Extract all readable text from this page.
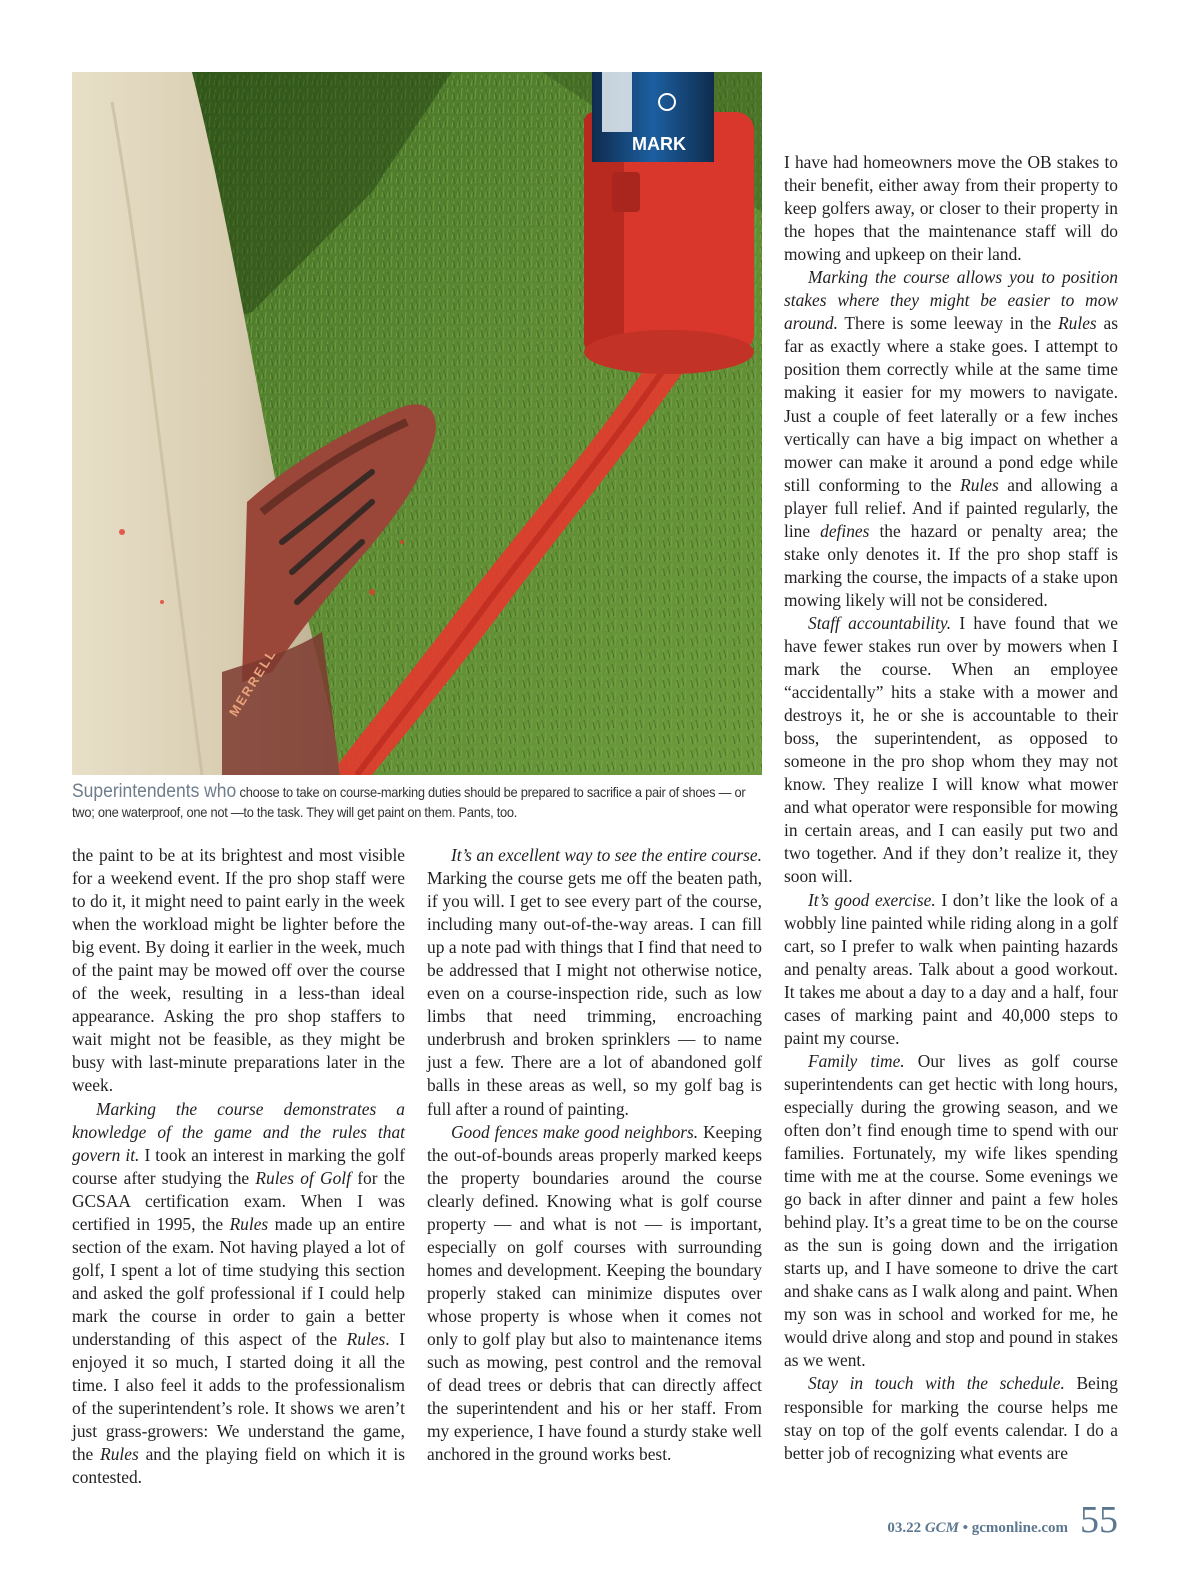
MARK
MERRELL
Superintendents who choose to take on course-marking duties should be prepared to sacrifice a pair of shoes — or two; one waterproof, one not —to the task. They will get paint on them. Pants, too.

the paint to be at its brightest and most visible for a weekend event. If the pro shop staff were to do it, it might need to paint early in the week when the workload might be lighter before the big event. By doing it earlier in the week, much of the paint may be mowed off over the course of the week, resulting in a less-than ideal appearance. Asking the pro shop staffers to wait might not be feasible, as they might be busy with last-minute preparations later in the week.

Marking the course demonstrates a knowledge of the game and the rules that govern it. I took an interest in marking the golf course after studying the Rules of Golf for the GCSAA certification exam. When I was certified in 1995, the Rules made up an entire section of the exam. Not having played a lot of golf, I spent a lot of time studying this section and asked the golf professional if I could help mark the course in order to gain a better understanding of this aspect of the Rules. I enjoyed it so much, I started doing it all the time. I also feel it adds to the professionalism of the superintendent’s role. It shows we aren’t just grass-growers: We understand the game, the Rules and the playing field on which it is contested.

It’s an excellent way to see the entire course. Marking the course gets me off the beaten path, if you will. I get to see every part of the course, including many out-of-the-way areas. I can fill up a note pad with things that I find that need to be addressed that I might not otherwise notice, even on a course-inspection ride, such as low limbs that need trimming, encroaching underbrush and broken sprinklers — to name just a few. There are a lot of abandoned golf balls in these areas as well, so my golf bag is full after a round of painting.

Good fences make good neighbors. Keeping the out-of-bounds areas properly marked keeps the property boundaries around the course clearly defined. Knowing what is golf course property — and what is not — is important, especially on golf courses with surrounding homes and development. Keeping the boundary properly staked can minimize disputes over whose property is whose when it comes not only to golf play but also to maintenance items such as mowing, pest control and the removal of dead trees or debris that can directly affect the superintendent and his or her staff. From my experience, I have found a sturdy stake well anchored in the ground works best.

I have had homeowners move the OB stakes to their benefit, either away from their property to keep golfers away, or closer to their property in the hopes that the maintenance staff will do mowing and upkeep on their land.

Marking the course allows you to position stakes where they might be easier to mow around. There is some leeway in the Rules as far as exactly where a stake goes. I attempt to position them correctly while at the same time making it easier for my mowers to navigate. Just a couple of feet laterally or a few inches vertically can have a big impact on whether a mower can make it around a pond edge while still conforming to the Rules and allowing a player full relief. And if painted regularly, the line defines the hazard or penalty area; the stake only denotes it. If the pro shop staff is marking the course, the impacts of a stake upon mowing likely will not be considered.

Staff accountability. I have found that we have fewer stakes run over by mowers when I mark the course. When an employee “accidentally” hits a stake with a mower and destroys it, he or she is accountable to their boss, the superintendent, as opposed to someone in the pro shop whom they may not know. They realize I will know what mower and what operator were responsible for mowing in certain areas, and I can easily put two and two together. And if they don’t realize it, they soon will.

It’s good exercise. I don’t like the look of a wobbly line painted while riding along in a golf cart, so I prefer to walk when painting hazards and penalty areas. Talk about a good workout. It takes me about a day to a day and a half, four cases of marking paint and 40,000 steps to paint my course.

Family time. Our lives as golf course superintendents can get hectic with long hours, especially during the growing season, and we often don’t find enough time to spend with our families. Fortunately, my wife likes spending time with me at the course. Some evenings we go back in after dinner and paint a few holes behind play. It’s a great time to be on the course as the sun is going down and the irrigation starts up, and I have someone to drive the cart and shake cans as I walk along and paint. When my son was in school and worked for me, he would drive along and stop and pound in stakes as we went.

Stay in touch with the schedule. Being responsible for marking the course helps me stay on top of the golf events calendar. I do a better job of recognizing what events are

03.22 GCM • gcmonline.com 55
